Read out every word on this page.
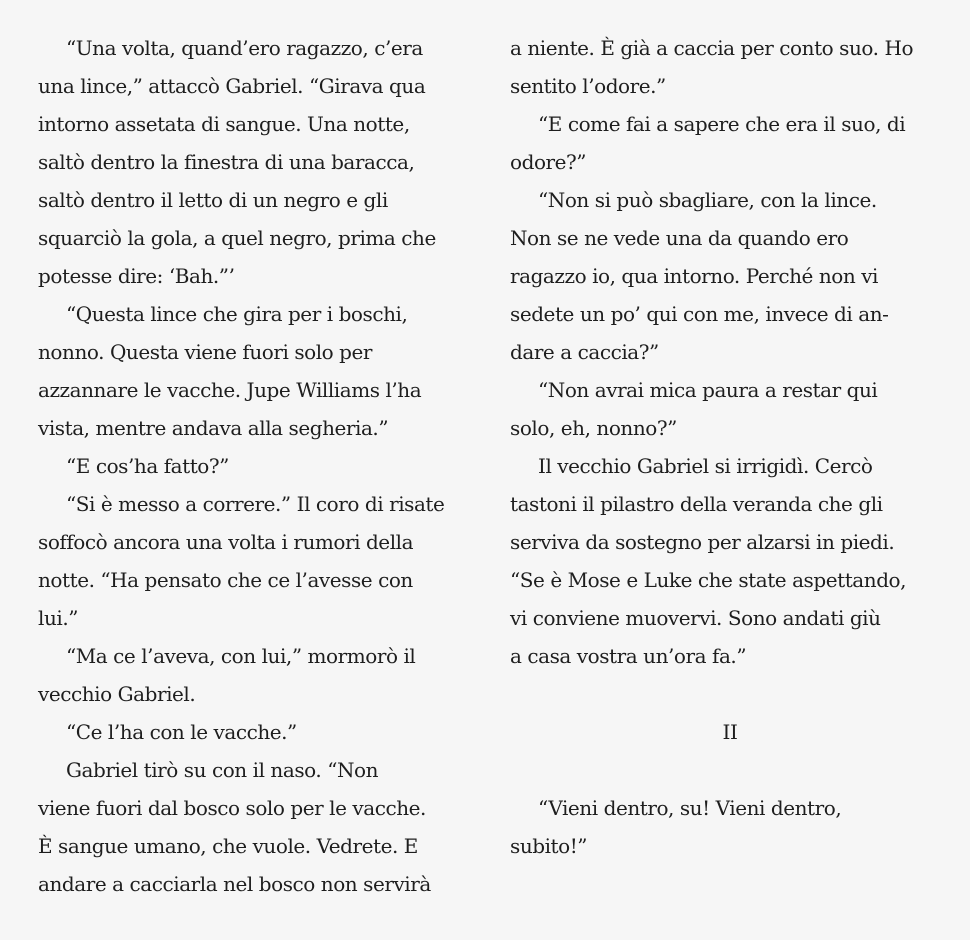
“Una volta, quand’ero ragazzo, c’era
una lince,” attaccò Gabriel. “Girava qua
intorno assetata di sangue. Una notte,
saltò dentro la finestra di una baracca,
saltò dentro il letto di un negro e gli
squarciò la gola, a quel negro, prima che
potesse dire: ‘Bah.”’
“Questa lince che gira per i boschi,
nonno. Questa viene fuori solo per
azzannare le vacche. Jupe Williams l’ha
vista, mentre andava alla segheria.”
“E cos’ha fatto?”
“Si è messo a correre.” Il coro di risate
soffocò ancora una volta i rumori della
notte. “Ha pensato che ce l’avesse con
lui.”
“Ma ce l’aveva, con lui,” mormorò il
vecchio Gabriel.
“Ce l’ha con le vacche.”
Gabriel tirò su con il naso. “Non
viene fuori dal bosco solo per le vacche.
È sangue umano, che vuole. Vedrete. E
andare a cacciarla nel bosco non servirà
a niente. È già a caccia per conto suo. Ho
sentito l’odore.”
“E come fai a sapere che era il suo, di
odore?”
“Non si può sbagliare, con la lince.
Non se ne vede una da quando ero
ragazzo io, qua intorno. Perché non vi
sedete un po’ qui con me, invece di an-
dare a caccia?”
“Non avrai mica paura a restar qui
solo, eh, nonno?”
Il vecchio Gabriel si irrigidì. Cercò
tastoni il pilastro della veranda che gli
serviva da sostegno per alzarsi in piedi.
“Se è Mose e Luke che state aspettando,
vi conviene muovervi. Sono andati giù
a casa vostra un’ora fa.”
II
“Vieni dentro, su! Vieni dentro,
subito!”
